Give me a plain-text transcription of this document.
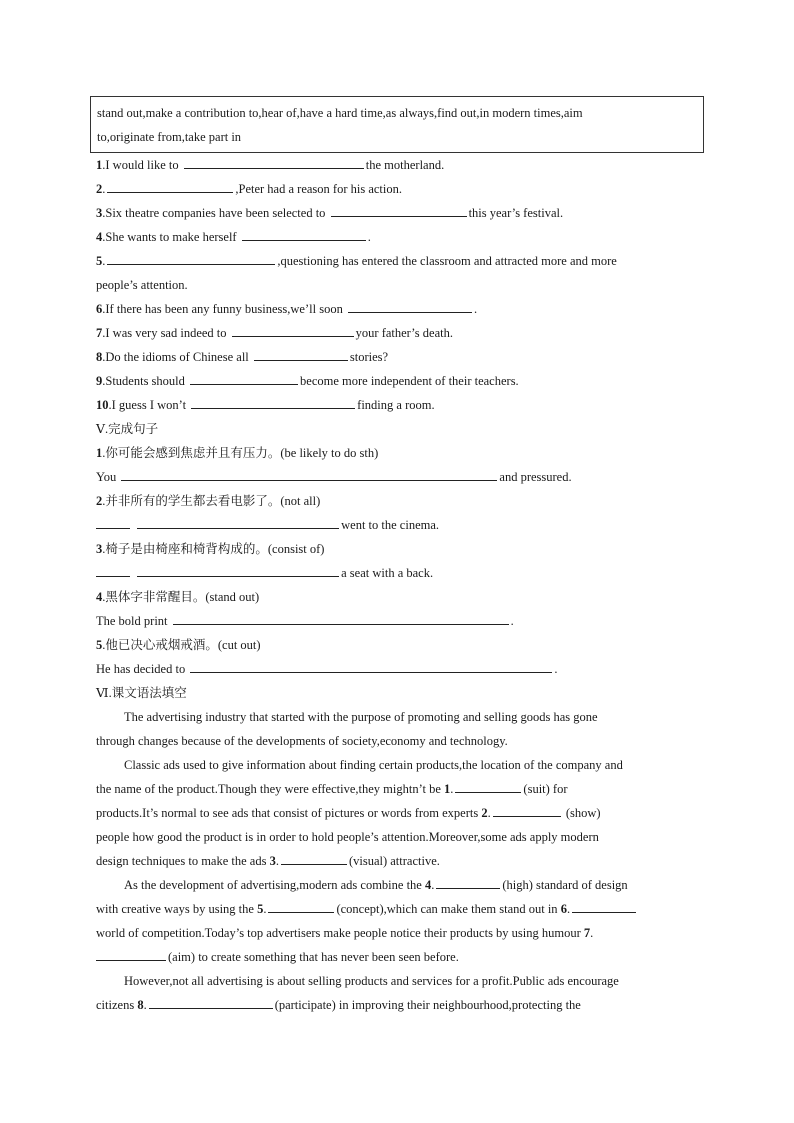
stand out,make a contribution to,hear of,have a hard time,as always,find out,in modern times,aim
to,originate from,take part in
1.I would like to	the motherland.
2.	,Peter had a reason for his action.
3.Six theatre companies have been selected to	this year’s festival.
4.She wants to make herself	.
5.	,questioning has entered the classroom and attracted more and more
people’s attention.
6.If there has been any funny business,we’ll soon	.
7.I was very sad indeed to	your father’s death.
8.Do the idioms of Chinese all	stories?
9.Students should	become more independent of their teachers.
10.I guess I won’t	finding a room.
Ⅴ.完成句子
1.你可能会感到焦虑并且有压力。(be likely to do sth)
You	and pressured.
2.并非所有的学生都去看电影了。(not all)
went to the cinema.
3.椅子是由椅座和椅背构成的。(consist of)
a seat with a back.
4.黑体字非常醒目。(stand out)
The bold print	.
5.他已决心戒烟戒酒。(cut out)
He has decided to	.
Ⅵ.课文语法填空
The advertising industry that started with the purpose of promoting and selling goods has gone
through changes because of the developments of society,economy and technology.
Classic ads used to give information about finding certain products,the location of the company and
the name of the product.Though they were effective,they mightn’t be 1.	(suit) for
products.It’s normal to see ads that consist of pictures or words from experts 2.	(show)
people how good the product is in order to hold people’s attention.Moreover,some ads apply modern
design techniques to make the ads 3.	(visual) attractive.
As the development of advertising,modern ads combine the 4.	(high) standard of design
with creative ways by using the 5.	(concept),which can make them stand out in 6.
world of competition.Today’s top advertisers make people notice their products by using humour 7.
(aim) to create something that has never been seen before.
However,not all advertising is about selling products and services for a profit.Public ads encourage
citizens 8.	(participate) in improving their neighbourhood,protecting the
